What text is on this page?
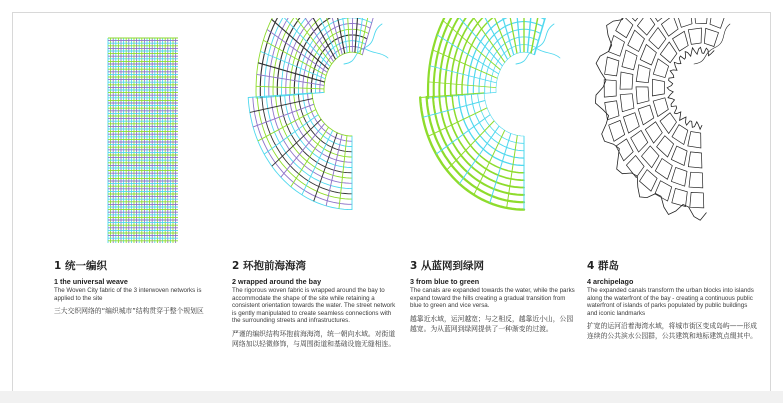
1 统一编织
1 the universal weave

The Woven City fabric of the 3 interwoven networks is applied to the site

三大交织网络的“编织城市”结构贯穿于整个规划区

2 环抱前海海湾
2 wrapped around the bay

The rigorous woven fabric is wrapped around the bay to accommodate the shape of the site while retaining a consistent orientation towards the water. The street network is gently manipulated to create seamless connections with the surrounding streets and infrastructures.

严谨的编织结构环抱前海海湾，统一朝向水域。对街道网络加以轻微修饰，与周围街道和基础设施无缝相连。

3 从蓝网到绿网
3 from blue to green

The canals are expanded towards the water, while the parks expand toward the hills creating a gradual transition from blue to green and vice versa.

越靠近水域，运河越宽；与之相反，越靠近小山，公园越宽。为从蓝网到绿网提供了一种渐变的过渡。

4 群岛
4 archipelago

The expanded canals transform the urban blocks into islands along the waterfront of the bay - creating a continuous public waterfront of islands of parks populated by public buildings and iconic landmarks

扩宽的运河沿着海湾水域，将城市街区变成岛屿——形成连续的公共滨水公园群，公共建筑和地标建筑点缀其中。
